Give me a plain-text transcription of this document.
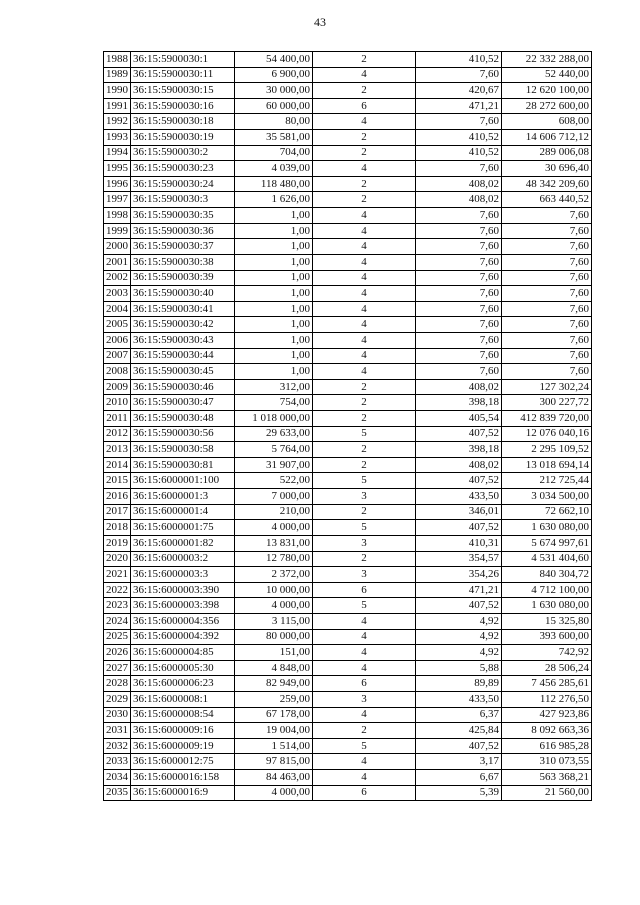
43
1988	36:15:5900030:1	54 400,00	2	410,52	22 332 288,00
1989	36:15:5900030:11	6 900,00	4	7,60	52 440,00
1990	36:15:5900030:15	30 000,00	2	420,67	12 620 100,00
1991	36:15:5900030:16	60 000,00	6	471,21	28 272 600,00
1992	36:15:5900030:18	80,00	4	7,60	608,00
1993	36:15:5900030:19	35 581,00	2	410,52	14 606 712,12
1994	36:15:5900030:2	704,00	2	410,52	289 006,08
1995	36:15:5900030:23	4 039,00	4	7,60	30 696,40
1996	36:15:5900030:24	118 480,00	2	408,02	48 342 209,60
1997	36:15:5900030:3	1 626,00	2	408,02	663 440,52
1998	36:15:5900030:35	1,00	4	7,60	7,60
1999	36:15:5900030:36	1,00	4	7,60	7,60
2000	36:15:5900030:37	1,00	4	7,60	7,60
2001	36:15:5900030:38	1,00	4	7,60	7,60
2002	36:15:5900030:39	1,00	4	7,60	7,60
2003	36:15:5900030:40	1,00	4	7,60	7,60
2004	36:15:5900030:41	1,00	4	7,60	7,60
2005	36:15:5900030:42	1,00	4	7,60	7,60
2006	36:15:5900030:43	1,00	4	7,60	7,60
2007	36:15:5900030:44	1,00	4	7,60	7,60
2008	36:15:5900030:45	1,00	4	7,60	7,60
2009	36:15:5900030:46	312,00	2	408,02	127 302,24
2010	36:15:5900030:47	754,00	2	398,18	300 227,72
2011	36:15:5900030:48	1 018 000,00	2	405,54	412 839 720,00
2012	36:15:5900030:56	29 633,00	5	407,52	12 076 040,16
2013	36:15:5900030:58	5 764,00	2	398,18	2 295 109,52
2014	36:15:5900030:81	31 907,00	2	408,02	13 018 694,14
2015	36:15:6000001:100	522,00	5	407,52	212 725,44
2016	36:15:6000001:3	7 000,00	3	433,50	3 034 500,00
2017	36:15:6000001:4	210,00	2	346,01	72 662,10
2018	36:15:6000001:75	4 000,00	5	407,52	1 630 080,00
2019	36:15:6000001:82	13 831,00	3	410,31	5 674 997,61
2020	36:15:6000003:2	12 780,00	2	354,57	4 531 404,60
2021	36:15:6000003:3	2 372,00	3	354,26	840 304,72
2022	36:15:6000003:390	10 000,00	6	471,21	4 712 100,00
2023	36:15:6000003:398	4 000,00	5	407,52	1 630 080,00
2024	36:15:6000004:356	3 115,00	4	4,92	15 325,80
2025	36:15:6000004:392	80 000,00	4	4,92	393 600,00
2026	36:15:6000004:85	151,00	4	4,92	742,92
2027	36:15:6000005:30	4 848,00	4	5,88	28 506,24
2028	36:15:6000006:23	82 949,00	6	89,89	7 456 285,61
2029	36:15:6000008:1	259,00	3	433,50	112 276,50
2030	36:15:6000008:54	67 178,00	4	6,37	427 923,86
2031	36:15:6000009:16	19 004,00	2	425,84	8 092 663,36
2032	36:15:6000009:19	1 514,00	5	407,52	616 985,28
2033	36:15:6000012:75	97 815,00	4	3,17	310 073,55
2034	36:15:6000016:158	84 463,00	4	6,67	563 368,21
2035	36:15:6000016:9	4 000,00	6	5,39	21 560,00
